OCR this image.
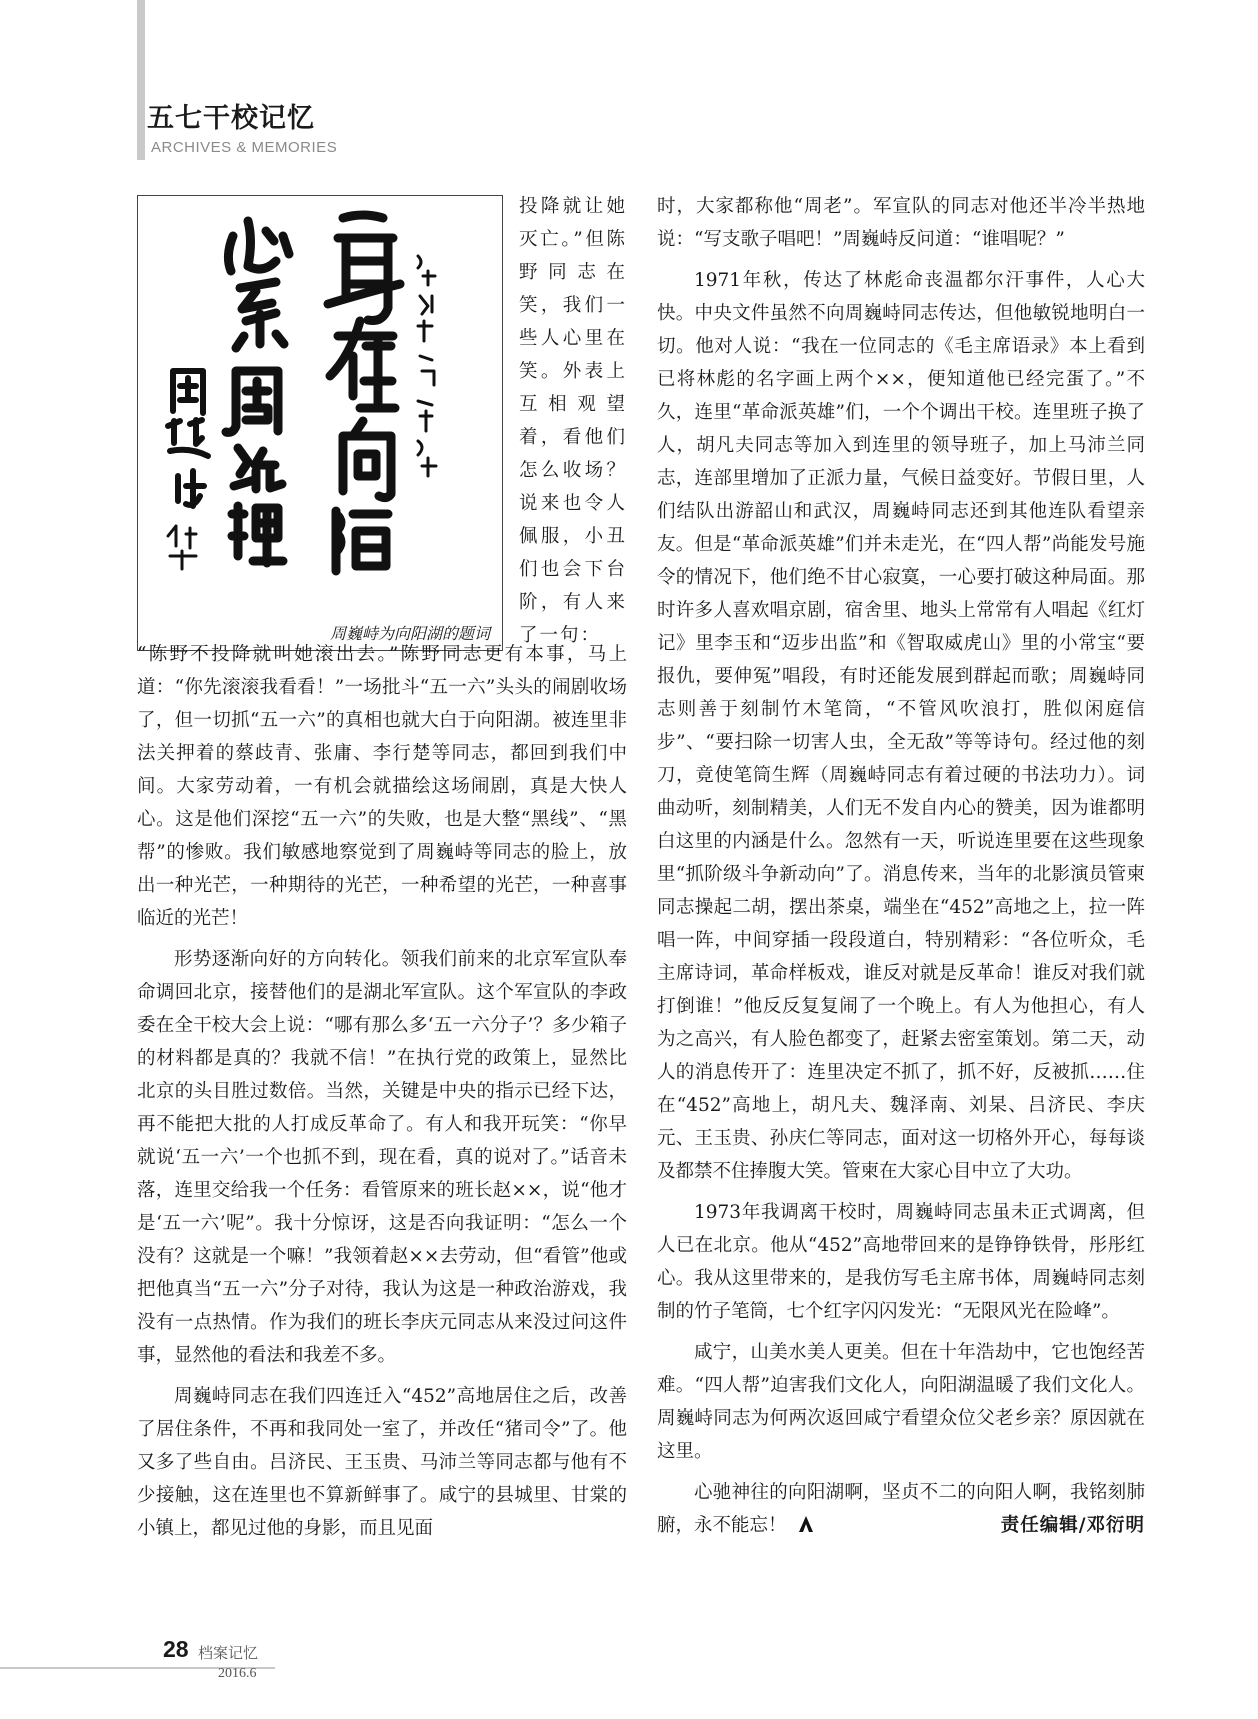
五七干校记忆
ARCHIVES & MEMORIES
周巍峙为向阳湖的题词
投降就让她灭亡。”但陈野同志在笑，我们一些人心里在笑。外表上互相观望着，看他们怎么收场？说来也令人佩服，小丑们也会下台阶，有人来了一句：

“陈野不投降就叫她滚出去。”陈野同志更有本事，马上道：“你先滚滚我看看！”一场批斗“五一六”头头的闹剧收场了，但一切抓“五一六”的真相也就大白于向阳湖。被连里非法关押着的蔡歧青、张庸、李行楚等同志，都回到我们中间。大家劳动着，一有机会就描绘这场闹剧，真是大快人心。这是他们深挖“五一六”的失败，也是大整“黑线”、“黑帮”的惨败。我们敏感地察觉到了周巍峙等同志的脸上，放出一种光芒，一种期待的光芒，一种希望的光芒，一种喜事临近的光芒！

形势逐渐向好的方向转化。领我们前来的北京军宣队奉命调回北京，接替他们的是湖北军宣队。这个军宣队的李政委在全干校大会上说：“哪有那么多‘五一六分子’？多少箱子的材料都是真的？我就不信！”在执行党的政策上，显然比北京的头目胜过数倍。当然，关键是中央的指示已经下达，再不能把大批的人打成反革命了。有人和我开玩笑：“你早就说‘五一六’一个也抓不到，现在看，真的说对了。”话音未落，连里交给我一个任务：看管原来的班长赵××，说“他才是‘五一六’呢”。我十分惊讶，这是否向我证明：“怎么一个没有？这就是一个嘛！”我领着赵××去劳动，但“看管”他或把他真当“五一六”分子对待，我认为这是一种政治游戏，我没有一点热情。作为我们的班长李庆元同志从来没过问这件事，显然他的看法和我差不多。

周巍峙同志在我们四连迁入“452”高地居住之后，改善了居住条件，不再和我同处一室了，并改任“猪司令”了。他又多了些自由。吕济民、王玉贵、马沛兰等同志都与他有不少接触，这在连里也不算新鲜事了。咸宁的县城里、甘棠的小镇上，都见过他的身影，而且见面

时，大家都称他“周老”。军宣队的同志对他还半冷半热地说：“写支歌子唱吧！”周巍峙反问道：“谁唱呢？”

1971年秋，传达了林彪命丧温都尔汗事件，人心大快。中央文件虽然不向周巍峙同志传达，但他敏锐地明白一切。他对人说：“我在一位同志的《毛主席语录》本上看到已将林彪的名字画上两个××，便知道他已经完蛋了。”不久，连里“革命派英雄”们，一个个调出干校。连里班子换了人，胡凡夫同志等加入到连里的领导班子，加上马沛兰同志，连部里增加了正派力量，气候日益变好。节假日里，人们结队出游韶山和武汉，周巍峙同志还到其他连队看望亲友。但是“革命派英雄”们并未走光，在“四人帮”尚能发号施令的情况下，他们绝不甘心寂寞，一心要打破这种局面。那时许多人喜欢唱京剧，宿舍里、地头上常常有人唱起《红灯记》里李玉和“迈步出监”和《智取威虎山》里的小常宝“要报仇，要伸冤”唱段，有时还能发展到群起而歌；周巍峙同志则善于刻制竹木笔筒，“不管风吹浪打，胜似闲庭信步”、“要扫除一切害人虫，全无敌”等等诗句。经过他的刻刀，竟使笔筒生辉（周巍峙同志有着过硬的书法功力）。词曲动听，刻制精美，人们无不发自内心的赞美，因为谁都明白这里的内涵是什么。忽然有一天，听说连里要在这些现象里“抓阶级斗争新动向”了。消息传来，当年的北影演员管柬同志操起二胡，摆出茶桌，端坐在“452”高地之上，拉一阵唱一阵，中间穿插一段段道白，特别精彩：“各位听众，毛主席诗词，革命样板戏，谁反对就是反革命！谁反对我们就打倒谁！”他反反复复闹了一个晚上。有人为他担心，有人为之高兴，有人脸色都变了，赶紧去密室策划。第二天，动人的消息传开了：连里决定不抓了，抓不好，反被抓……住在“452”高地上，胡凡夫、魏泽南、刘杲、吕济民、李庆元、王玉贵、孙庆仁等同志，面对这一切格外开心，每每谈及都禁不住捧腹大笑。管柬在大家心目中立了大功。

1973年我调离干校时，周巍峙同志虽未正式调离，但人已在北京。他从“452”高地带回来的是铮铮铁骨，彤彤红心。我从这里带来的，是我仿写毛主席书体，周巍峙同志刻制的竹子笔筒，七个红字闪闪发光：“无限风光在险峰”。

咸宁，山美水美人更美。但在十年浩劫中，它也饱经苦难。“四人帮”迫害我们文化人，向阳湖温暖了我们文化人。周巍峙同志为何两次返回咸宁看望众位父老乡亲？原因就在这里。

心驰神往的向阳湖啊，坚贞不二的向阳人啊，我铭刻肺腑，永不能忘！	责任编辑/邓衍明

28 档案记忆
2016.6
